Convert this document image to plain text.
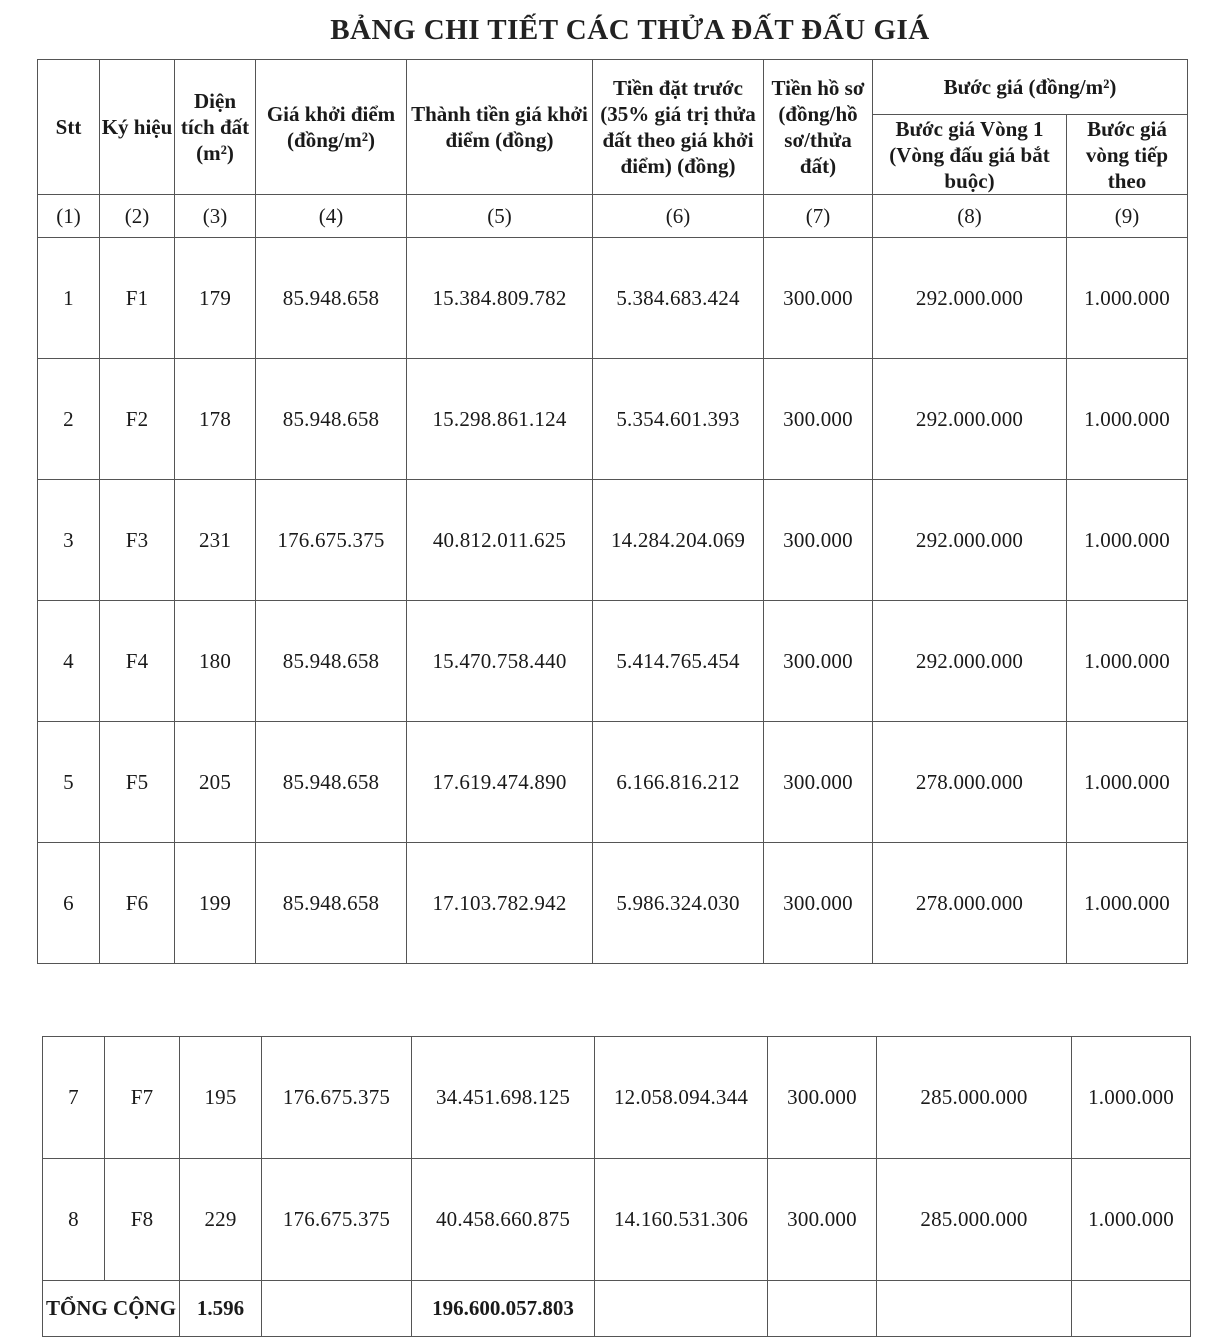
BẢNG CHI TIẾT CÁC THỬA ĐẤT ĐẤU GIÁ
Stt	Ký hiệu	Diện tích đất (m²)	Giá khởi điểm (đồng/m²)	Thành tiền giá khởi điểm (đồng)	Tiền đặt trước (35% giá trị thửa đất theo giá khởi điểm) (đồng)	Tiền hồ sơ (đồng/hồ sơ/thửa đất)	Bước giá (đồng/m²)	
							Bước giá Vòng 1 (Vòng đấu giá bắt buộc)	Bước giá vòng tiếp theo
(1)	(2)	(3)	(4)	(5)	(6)	(7)	(8)	(9)
1	F1	179	85.948.658	15.384.809.782	5.384.683.424	300.000	292.000.000	1.000.000
2	F2	178	85.948.658	15.298.861.124	5.354.601.393	300.000	292.000.000	1.000.000
3	F3	231	176.675.375	40.812.011.625	14.284.204.069	300.000	292.000.000	1.000.000
4	F4	180	85.948.658	15.470.758.440	5.414.765.454	300.000	292.000.000	1.000.000
5	F5	205	85.948.658	17.619.474.890	6.166.816.212	300.000	278.000.000	1.000.000
6	F6	199	85.948.658	17.103.782.942	5.986.324.030	300.000	278.000.000	1.000.000
7	F7	195	176.675.375	34.451.698.125	12.058.094.344	300.000	285.000.000	1.000.000
8	F8	229	176.675.375	40.458.660.875	14.160.531.306	300.000	285.000.000	1.000.000
TỔNG CỘNG		1.596		196.600.057.803				
